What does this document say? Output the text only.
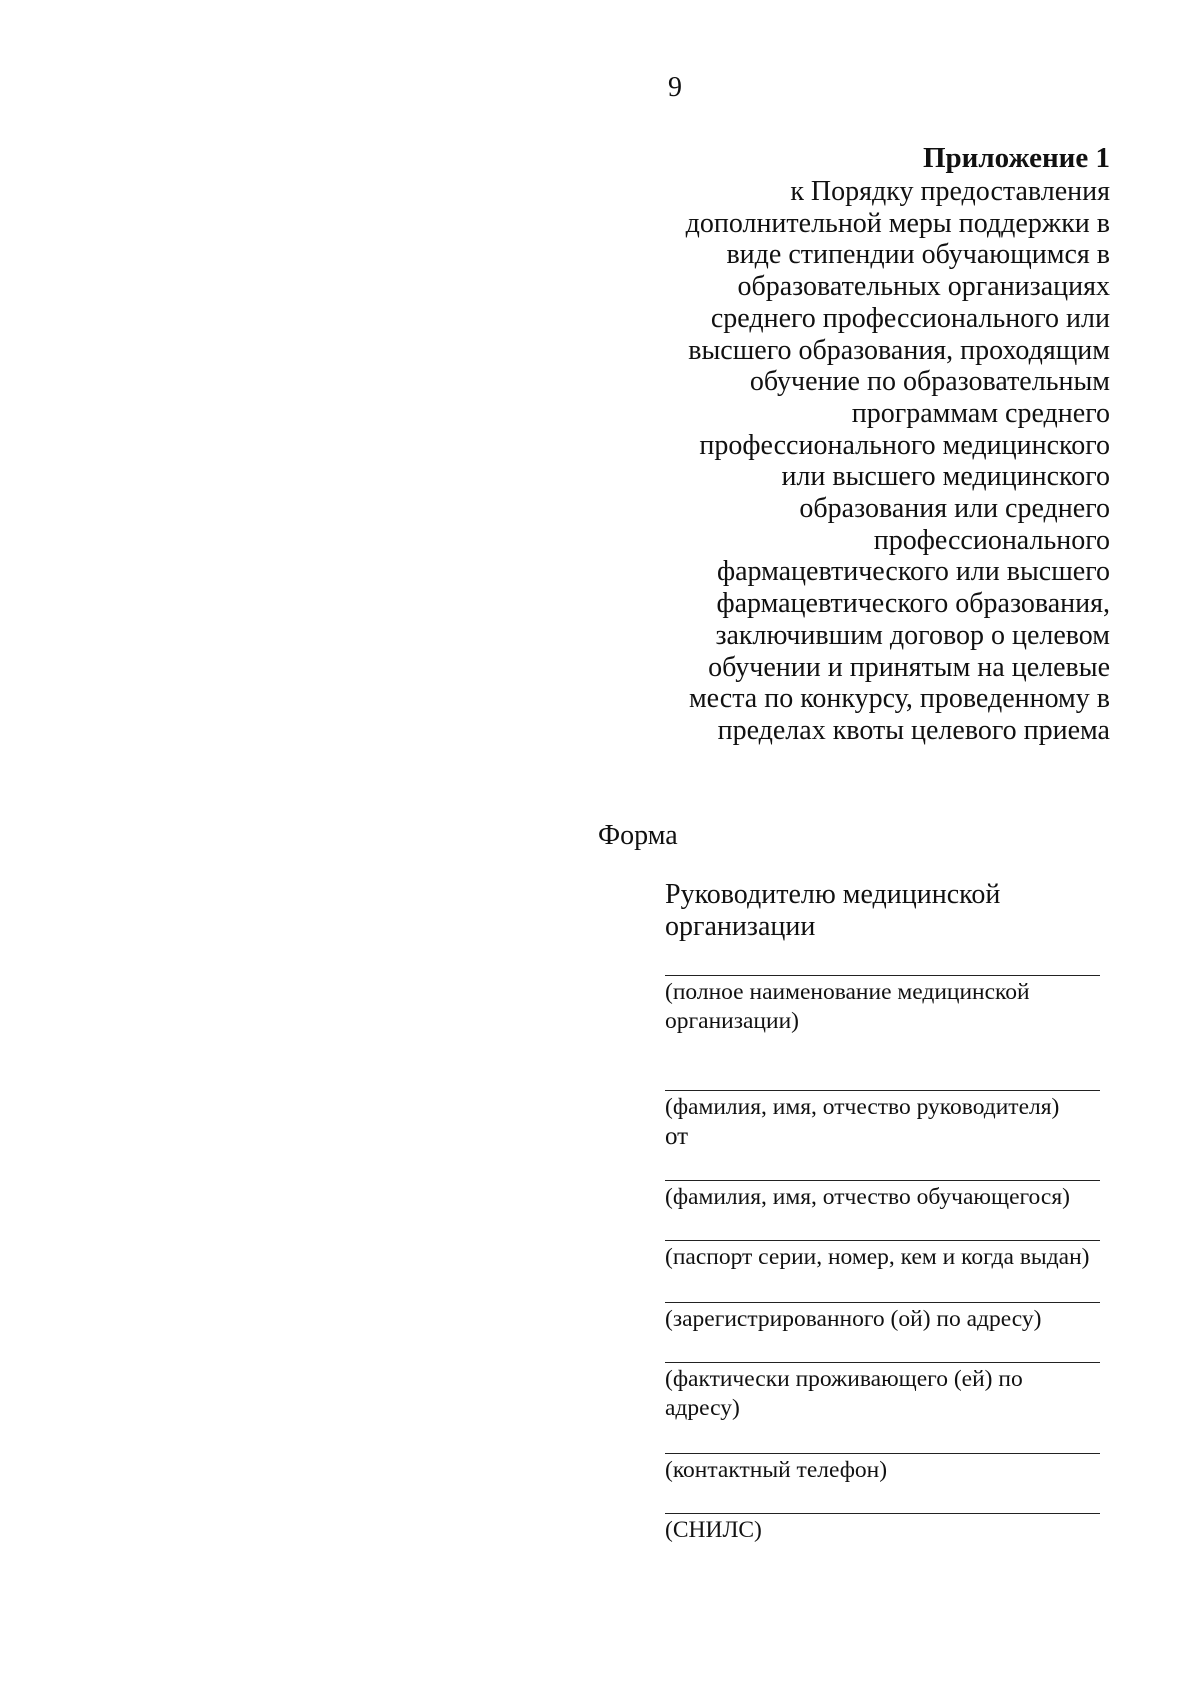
9
Приложение 1
к Порядку предоставления
дополнительной меры поддержки в
виде стипендии обучающимся в
образовательных организациях
среднего профессионального или
высшего образования, проходящим
обучение по образовательным
программам среднего
профессионального медицинского
или высшего медицинского
образования или среднего
профессионального
фармацевтического или высшего
фармацевтического образования,
заключившим договор о целевом
обучении и принятым на целевые
места по конкурсу, проведенному в
пределах квоты целевого приема
Форма
Руководителю медицинской
организации
(полное наименование медицинской
организации)
(фамилия, имя, отчество руководителя)
от
(фамилия, имя, отчество обучающегося)
(паспорт серии, номер, кем и когда выдан)
(зарегистрированного (ой) по адресу)
(фактически проживающего (ей) по
адресу)
(контактный телефон)
(СНИЛС)
